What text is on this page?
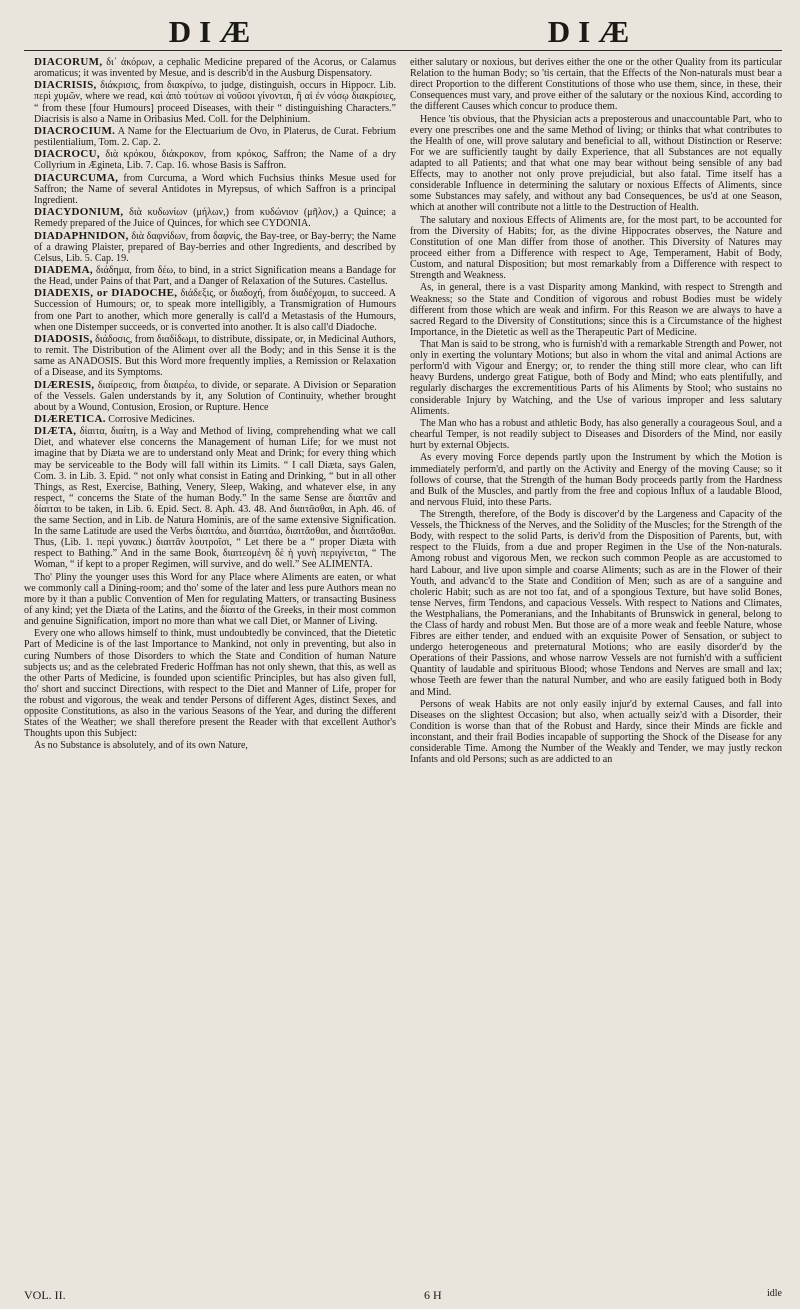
DIÆ	DIÆ

DIACORUM, δι᾽ ἀκόρων, a cephalic Medicine prepared of the Acorus, or Calamus aromaticus; it was invented by Mesue, and is describ'd in the Ausburg Dispensatory.

DIACRISIS, διάκρισις, from διακρίνω, to judge, distinguish, occurs in Hippocr. Lib. περὶ χυμῶν, where we read, καὶ ἀπὸ τούτων αἱ νοῦσοι γίνονται, ἢ αἱ ἐν νόσῳ διακρίσιες, “ from these [four Humours] proceed Diseases, with their “ distinguishing Characters.” Diacrisis is also a Name in Oribasius Med. Coll. for the Delphinium.

DIACROCIUM. A Name for the Electuarium de Ovo, in Platerus, de Curat. Febrium pestilentialium, Tom. 2. Cap. 2.

DIACROCU, διὰ κρόκου, διάκροκον, from κρόκος, Saffron; the Name of a dry Collyrium in Ægineta, Lib. 7. Cap. 16. whose Basis is Saffron.

DIACURCUMA, from Curcuma, a Word which Fuchsius thinks Mesue used for Saffron; the Name of several Antidotes in Myrepsus, of which Saffron is a principal Ingredient.

DIACYDONIUM, διὰ κυδωνίων (μήλων,) from κυδώνιον (μῆλον,) a Quince; a Remedy prepared of the Juice of Quinces, for which see CYDONIA.

DIADAPHNIDON, διὰ δαφνίδων, from δαφνίς, the Bay-tree, or Bay-berry; the Name of a drawing Plaister, prepared of Bay-berries and other Ingredients, and described by Celsus, Lib. 5. Cap. 19.

DIADEMA, διάδημα, from δέω, to bind, in a strict Signification means a Bandage for the Head, under Pains of that Part, and a Danger of Relaxation of the Sutures. Castellus.

DIADEXIS, or DIADOCHE, διάδεξις, or διαδοχή, from διαδέχομαι, to succeed. A Succession of Humours; or, to speak more intelligibly, a Transmigration of Humours from one Part to another, which more generally is call'd a Metastasis of the Humours, when one Distemper succeeds, or is converted into another. It is also call'd Diadoche.

DIADOSIS, διάδοσις, from διαδίδωμι, to distribute, dissipate, or, in Medicinal Authors, to remit. The Distribution of the Aliment over all the Body; and in this Sense it is the same as ANADOSIS. But this Word more frequently implies, a Remission or Relaxation of a Disease, and its Symptoms.

DIÆRESIS, διαίρεσις, from διαιρέω, to divide, or separate. A Division or Separation of the Vessels. Galen understands by it, any Solution of Continuity, whether brought about by a Wound, Contusion, Erosion, or Rupture. Hence

DIÆRETICA. Corrosive Medicines.

DIÆTA, δίαιτα, διαίτη, is a Way and Method of living, comprehending what we call Diet, and whatever else concerns the Management of human Life; for we must not imagine that by Diæta we are to understand only Meat and Drink; for every thing which may be serviceable to the Body will fall within its Limits. “ I call Diæta, says Galen, Com. 3. in Lib. 3. Epid. “ not only what consist in Eating and Drinking, “ but in all other Things, as Rest, Exercise, Bathing, Venery, Sleep, Waking, and whatever else, in any respect, “ concerns the State of the human Body.” In the same Sense are διαιτᾶν and δίαιται to be taken, in Lib. 6. Epid. Sect. 8. Aph. 43. 48. And διαιτᾶσθαι, in Aph. 46. of the same Section, and in Lib. de Natura Hominis, are of the same extensive Signification. In the same Latitude are used the Verbs διαιτάω, and διαιτάω, διαιτᾶσθαι, and διαιτᾶσθαι. Thus, (Lib. 1. περὶ γυναικ.) διαιτᾶν λουτροῖσι, “ Let there be a “ proper Diæta with respect to Bathing.” And in the same Book, διαιτεομένη δὲ ἡ γυνὴ περιγίνεται, “ The Woman, “ if kept to a proper Regimen, will survive, and do well.” See ALIMENTA.

Tho' Pliny the younger uses this Word for any Place where Aliments are eaten, or what we commonly call a Dining-room; and tho' some of the later and less pure Authors mean no more by it than a public Convention of Men for regulating Matters, or transacting Business of any kind; yet the Diæta of the Latins, and the δίαιτα of the Greeks, in their most common and genuine Signification, import no more than what we call Diet, or Manner of Living.

Every one who allows himself to think, must undoubtedly be convinced, that the Dietetic Part of Medicine is of the last Importance to Mankind, not only in preventing, but also in curing Numbers of those Disorders to which the State and Condition of human Nature subjects us; and as the celebrated Frederic Hoffman has not only shewn, that this, as well as the other Parts of Medicine, is founded upon scientific Principles, but has also given full, tho' short and succinct Directions, with respect to the Diet and Manner of Life, proper for the robust and vigorous, the weak and tender Persons of different Ages, distinct Sexes, and opposite Constitutions, as also in the various Seasons of the Year, and during the different States of the Weather; we shall therefore present the Reader with that excellent Author's Thoughts upon this Subject:

As no Substance is absolutely, and of its own Nature,

either salutary or noxious, but derives either the one or the other Quality from its particular Relation to the human Body; so 'tis certain, that the Effects of the Non-naturals must bear a direct Proportion to the different Constitutions of those who use them, since, in these, their Consequences must vary, and prove either of the salutary or the noxious Kind, according to the different Causes which concur to produce them.

Hence 'tis obvious, that the Physician acts a preposterous and unaccountable Part, who to every one prescribes one and the same Method of living; or thinks that what contributes to the Health of one, will prove salutary and beneficial to all, without Distinction or Reserve: For we are sufficiently taught by daily Experience, that all Substances are not equally adapted to all Patients; and that what one may bear without being sensible of any bad Effects, may to another not only prove prejudicial, but also fatal. Time itself has a considerable Influence in determining the salutary or noxious Effects of Aliments, since some Substances may safely, and without any bad Consequences, be us'd at one Season, which at another will contribute not a little to the Destruction of Health.

The salutary and noxious Effects of Aliments are, for the most part, to be accounted for from the Diversity of Habits; for, as the divine Hippocrates observes, the Nature and Constitution of one Man differ from those of another. This Diversity of Natures may proceed either from a Difference with respect to Age, Temperament, Habit of Body, Custom, and natural Disposition; but most remarkably from a Difference with respect to Strength and Weakness.

As, in general, there is a vast Disparity among Mankind, with respect to Strength and Weakness; so the State and Condition of vigorous and robust Bodies must be widely different from those which are weak and infirm. For this Reason we are always to have a sacred Regard to the Diversity of Constitutions; since this is a Circumstance of the highest Importance, in the Dietetic as well as the Therapeutic Part of Medicine.

That Man is said to be strong, who is furnish'd with a remarkable Strength and Power, not only in exerting the voluntary Motions; but also in whom the vital and animal Actions are perform'd with Vigour and Energy; or, to render the thing still more clear, who can lift heavy Burdens, undergo great Fatigue, both of Body and Mind; who eats plentifully, and regularly discharges the excrementitious Parts of his Aliments by Stool; who sustains no considerable Injury by Watching, and the Use of various improper and less salutary Aliments.

The Man who has a robust and athletic Body, has also generally a courageous Soul, and a chearful Temper, is not readily subject to Diseases and Disorders of the Mind, nor easily hurt by external Objects.

As every moving Force depends partly upon the Instrument by which the Motion is immediately perform'd, and partly on the Activity and Energy of the moving Cause; so it follows of course, that the Strength of the human Body proceeds partly from the Hardness and Bulk of the Muscles, and partly from the free and copious Influx of a laudable Blood, and nervous Fluid, into these Parts.

The Strength, therefore, of the Body is discover'd by the Largeness and Capacity of the Vessels, the Thickness of the Nerves, and the Solidity of the Muscles; for the Strength of the Body, with respect to the solid Parts, is deriv'd from the Disposition of Parents, but, with respect to the Fluids, from a due and proper Regimen in the Use of the Non-naturals. Among robust and vigorous Men, we reckon such common People as are accustomed to hard Labour, and live upon simple and coarse Aliments; such as are in the Flower of their Youth, and advanc'd to the State and Condition of Men; such as are of a sanguine and choleric Habit; such as are not too fat, and of a spongious Texture, but have solid Bones, tense Nerves, firm Tendons, and capacious Vessels. With respect to Nations and Climates, the Westphalians, the Pomeranians, and the Inhabitants of Brunswick in general, belong to the Class of hardy and robust Men. But those are of a more weak and feeble Nature, whose Fibres are either tender, and endued with an exquisite Power of Sensation, or subject to undergo heterogeneous and preternatural Motions; who are easily disorder'd by the Operations of their Passions, and whose narrow Vessels are not furnish'd with a sufficient Quantity of laudable and spirituous Blood; whose Tendons and Nerves are small and lax; whose Teeth are fewer than the natural Number, and who are easily fatigued both in Body and Mind.

Persons of weak Habits are not only easily injur'd by external Causes, and fall into Diseases on the slightest Occasion; but also, when actually seiz'd with a Disorder, their Condition is worse than that of the Robust and Hardy, since their Minds are fickle and inconstant, and their frail Bodies incapable of supporting the Shock of the Disease for any considerable Time. Among the Number of the Weakly and Tender, we may justly reckon Infants and old Persons; such as are addicted to an

VOL. II.	6 H	idle
